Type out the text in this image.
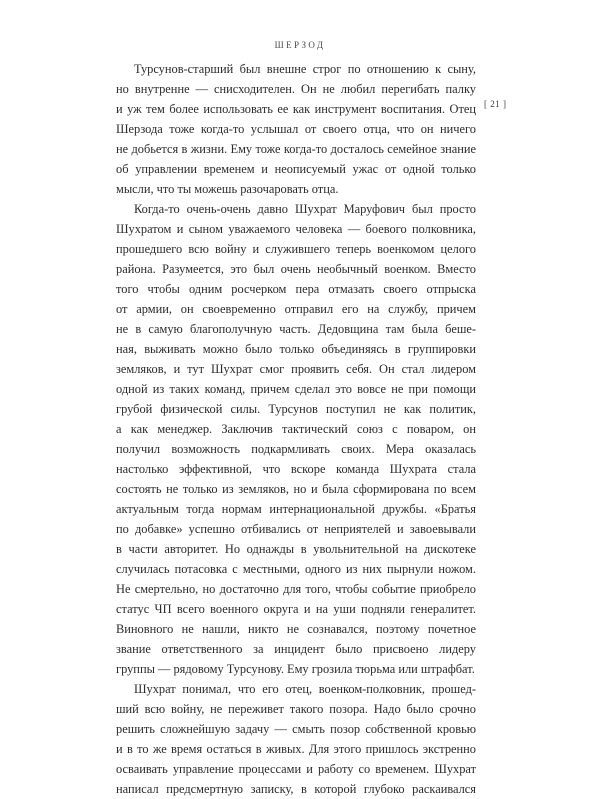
ШЕРЗОД
[ 21 ]
Турсунов-старший был внешне строг по отношению к сыну,
но внутренне — снисходителен. Он не любил перегибать палку
и уж тем более использовать ее как инструмент воспитания. Отец
Шерзода тоже когда-то услышал от своего отца, что он ничего
не добьется в жизни. Ему тоже когда-то досталось семейное знание
об управлении временем и неописуемый ужас от одной только
мысли, что ты можешь разочаровать отца.
Когда-то очень-очень давно Шухрат Маруфович был просто
Шухратом и сыном уважаемого человека — боевого полковника,
прошедшего всю войну и служившего теперь военкомом целого
района. Разумеется, это был очень необычный военком. Вместо
того чтобы одним росчерком пера отмазать своего отпрыска
от армии, он своевременно отправил его на службу, причем
не в самую благополучную часть. Дедовщина там была беше-
ная, выживать можно было только объединяясь в группировки
земляков, и тут Шухрат смог проявить себя. Он стал лидером
одной из таких команд, причем сделал это вовсе не при помощи
грубой физической силы. Турсунов поступил не как политик,
а как менеджер. Заключив тактический союз с поваром, он
получил возможность подкармливать своих. Мера оказалась
настолько эффективной, что вскоре команда Шухрата стала
состоять не только из земляков, но и была сформирована по всем
актуальным тогда нормам интернациональной дружбы. «Братья
по добавке» успешно отбивались от неприятелей и завоевывали
в части авторитет. Но однажды в увольнительной на дискотеке
случилась потасовка с местными, одного из них пырнули ножом.
Не смертельно, но достаточно для того, чтобы событие приобрело
статус ЧП всего военного округа и на уши подняли генералитет.
Виновного не нашли, никто не сознавался, поэтому почетное
звание ответственного за инцидент было присвоено лидеру
группы — рядовому Турсунову. Ему грозила тюрьма или штрафбат.
Шухрат понимал, что его отец, военком-полковник, прошед-
ший всю войну, не переживет такого позора. Надо было срочно
решить сложнейшую задачу — смыть позор собственной кровью
и в то же время остаться в живых. Для этого пришлось экстренно
осваивать управление процессами и работу со временем. Шухрат
написал предсмертную записку, в которой глубоко раскаивался
